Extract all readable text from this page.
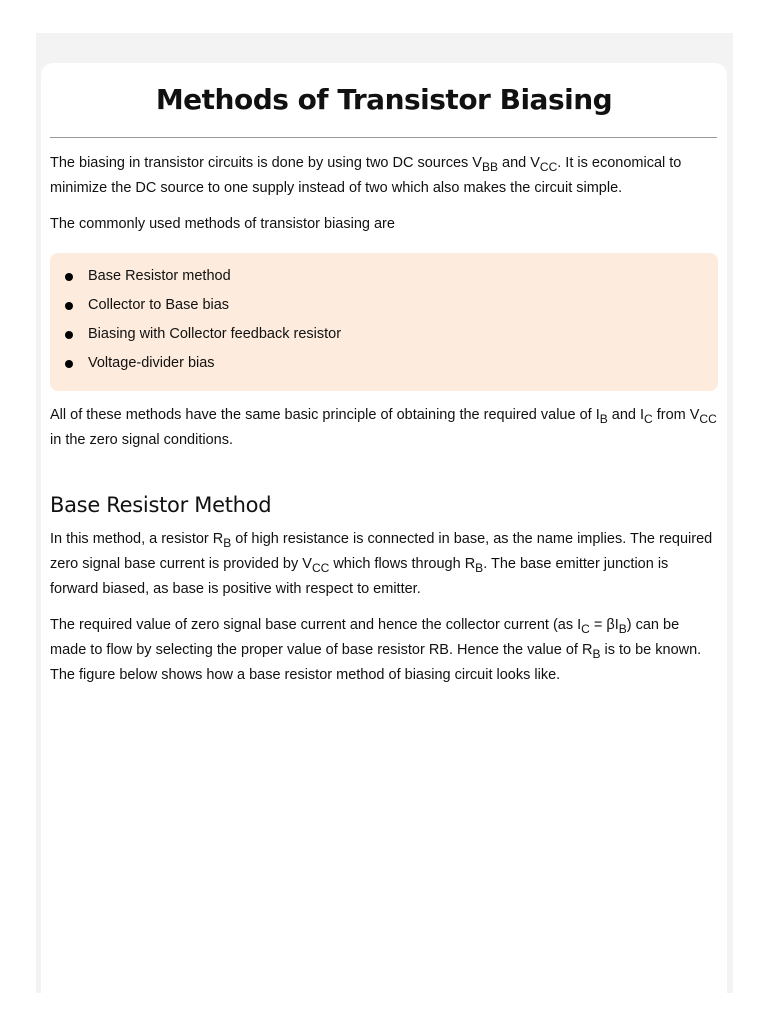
Methods of Transistor Biasing

The biasing in transistor circuits is done by using two DC sources $V_{BB}$ and $V_{CC}$. It is economical to minimize the DC source to one supply instead of two which also makes the circuit simple.

The commonly used methods of transistor biasing are

Base Resistor method
Collector to Base bias
Biasing with Collector feedback resistor
Voltage-divider bias

All of these methods have the same basic principle of obtaining the required value of $I_B$ and $I_C$ from $V_{CC}$ in the zero signal conditions.

Base Resistor Method

In this method, a resistor $R_B$ of high resistance is connected in base, as the name implies. The required zero signal base current is provided by $V_{CC}$ which flows through $R_B$. The base emitter junction is forward biased, as base is positive with respect to emitter.

The required value of zero signal base current and hence the collector current (as $I_C = \beta I_B$) can be made to flow by selecting the proper value of base resistor RB. Hence the value of $R_B$ is to be known. The figure below shows how a base resistor method of biasing circuit looks like.
